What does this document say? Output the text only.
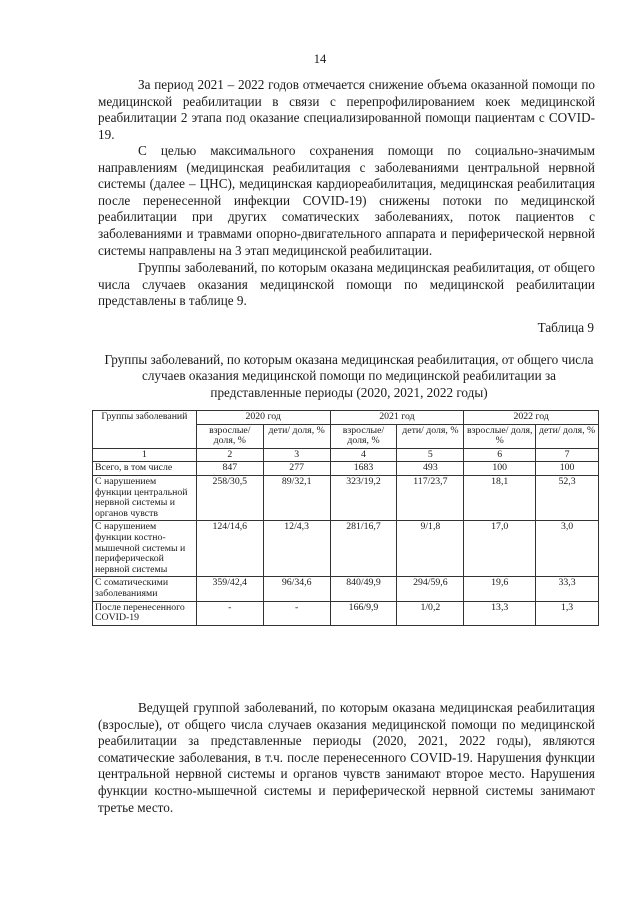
14

За период 2021 – 2022 годов отмечается снижение объема оказанной помощи по медицинской реабилитации в связи с перепрофилированием коек медицинской реабилитации 2 этапа под оказание специализированной помощи пациентам с COVID-19.

С целью максимального сохранения помощи по социально-значимым направлениям (медицинская реабилитация с заболеваниями центральной нервной системы (далее – ЦНС), медицинская кардиореабилитация, медицинская реабилитация после перенесенной инфекции COVID-19) снижены потоки по медицинской реабилитации при других соматических заболеваниях, поток пациентов с заболеваниями и травмами опорно-двигательного аппарата и периферической нервной системы направлены на 3 этап медицинской реабилитации.

Группы заболеваний, по которым оказана медицинская реабилитация, от общего числа случаев оказания медицинской помощи по медицинской реабилитации представлены в таблице 9.

Таблица 9

Группы заболеваний, по которым оказана медицинская реабилитация, от общего числа случаев оказания медицинской помощи по медицинской реабилитации за представленные периоды (2020, 2021, 2022 годы)

Группы заболеваний	2020 год		2021 год		2022 год	
	взрослые/ доля, %	дети/ доля, %	взрослые/ доля, %	дети/ доля, %	взрослые/ доля, %	дети/ доля, %
1	2	3	4	5	6	7
Всего, в том числе	847	277	1683	493	100	100
С нарушением функции центральной нервной системы и органов чувств	258/30,5	89/32,1	323/19,2	117/23,7	18,1	52,3
С нарушением функции костно-мышечной системы и периферической нервной системы	124/14,6	12/4,3	281/16,7	9/1,8	17,0	3,0
С соматическими заболеваниями	359/42,4	96/34,6	840/49,9	294/59,6	19,6	33,3
После перенесенного COVID-19	-	-	166/9,9	1/0,2	13,3	1,3

Ведущей группой заболеваний, по которым оказана медицинская реабилитация (взрослые), от общего числа случаев оказания медицинской помощи по медицинской реабилитации за представленные периоды (2020, 2021, 2022 годы), являются соматические заболевания, в т.ч. после перенесенного COVID-19. Нарушения функции центральной нервной системы и органов чувств занимают второе место. Нарушения функции костно-мышечной системы и периферической нервной системы занимают третье место.
